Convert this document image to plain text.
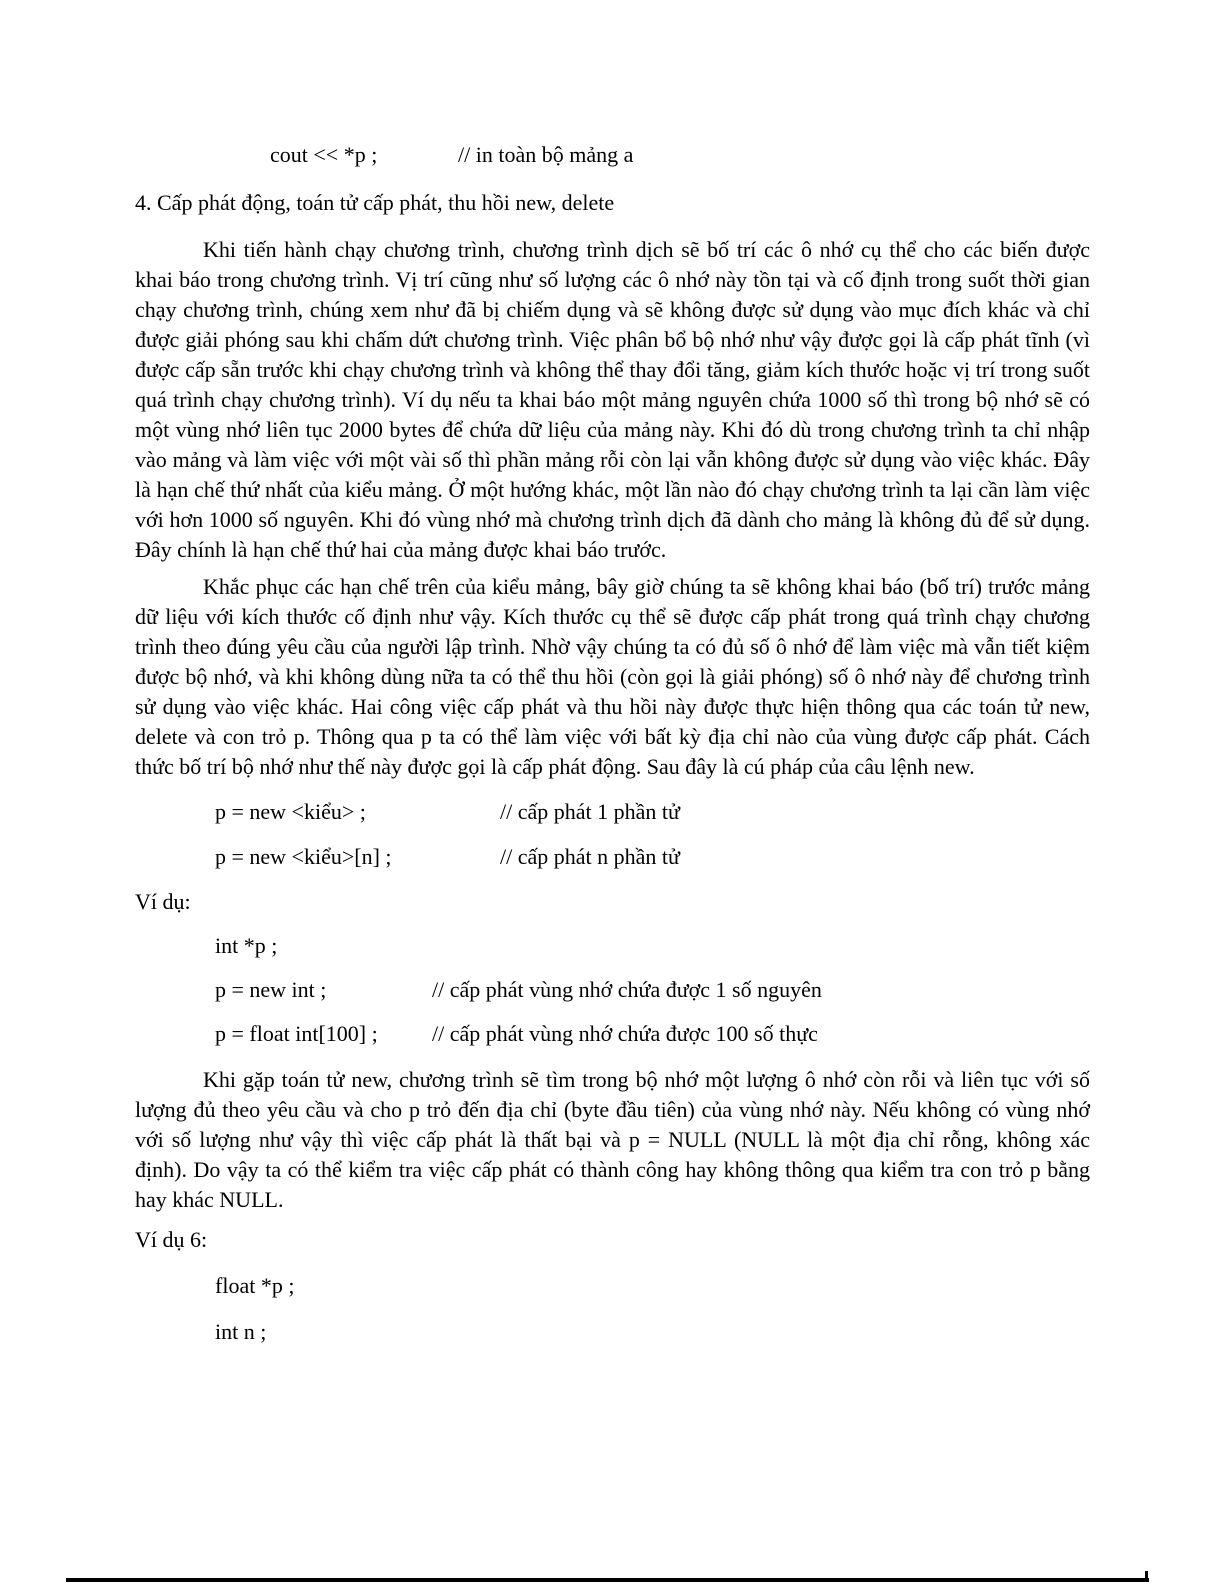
cout << *p ;	// in toàn bộ mảng a
4. Cấp phát động, toán tử cấp phát, thu hồi new, delete

Khi tiến hành chạy chương trình, chương trình dịch sẽ bố trí các ô nhớ cụ thể cho các biến được khai báo trong chương trình. Vị trí cũng như số lượng các ô nhớ này tồn tại và cố định trong suốt thời gian chạy chương trình, chúng xem như đã bị chiếm dụng và sẽ không được sử dụng vào mục đích khác và chỉ được giải phóng sau khi chấm dứt chương trình. Việc phân bổ bộ nhớ như vậy được gọi là cấp phát tĩnh (vì được cấp sẵn trước khi chạy chương trình và không thể thay đổi tăng, giảm kích thước hoặc vị trí trong suốt quá trình chạy chương trình). Ví dụ nếu ta khai báo một mảng nguyên chứa 1000 số thì trong bộ nhớ sẽ có một vùng nhớ liên tục 2000 bytes để chứa dữ liệu của mảng này. Khi đó dù trong chương trình ta chỉ nhập vào mảng và làm việc với một vài số thì phần mảng rỗi còn lại vẫn không được sử dụng vào việc khác. Đây là hạn chế thứ nhất của kiểu mảng. Ở một hướng khác, một lần nào đó chạy chương trình ta lại cần làm việc với hơn 1000 số nguyên. Khi đó vùng nhớ mà chương trình dịch đã dành cho mảng là không đủ để sử dụng. Đây chính là hạn chế thứ hai của mảng được khai báo trước.

Khắc phục các hạn chế trên của kiểu mảng, bây giờ chúng ta sẽ không khai báo (bố trí) trước mảng dữ liệu với kích thước cố định như vậy. Kích thước cụ thể sẽ được cấp phát trong quá trình chạy chương trình theo đúng yêu cầu của người lập trình. Nhờ vậy chúng ta có đủ số ô nhớ để làm việc mà vẫn tiết kiệm được bộ nhớ, và khi không dùng nữa ta có thể thu hồi (còn gọi là giải phóng) số ô nhớ này để chương trình sử dụng vào việc khác. Hai công việc cấp phát và thu hồi này được thực hiện thông qua các toán tử new, delete và con trỏ p. Thông qua p ta có thể làm việc với bất kỳ địa chỉ nào của vùng được cấp phát. Cách thức bố trí bộ nhớ như thế này được gọi là cấp phát động. Sau đây là cú pháp của câu lệnh new.

p = new <kiểu> ;	// cấp phát 1 phần tử
p = new <kiểu>[n] ;	// cấp phát n phần tử

Ví dụ:

int *p ;
p = new int ;	// cấp phát vùng nhớ chứa được 1 số nguyên
p = float int[100] ;	// cấp phát vùng nhớ chứa được 100 số thực

Khi gặp toán tử new, chương trình sẽ tìm trong bộ nhớ một lượng ô nhớ còn rỗi và liên tục với số lượng đủ theo yêu cầu và cho p trỏ đến địa chỉ (byte đầu tiên) của vùng nhớ này. Nếu không có vùng nhớ với số lượng như vậy thì việc cấp phát là thất bại và p = NULL (NULL là một địa chỉ rỗng, không xác định). Do vậy ta có thể kiểm tra việc cấp phát có thành công hay không thông qua kiểm tra con trỏ p bằng hay khác NULL.

Ví dụ 6:

float *p ;
int n ;
